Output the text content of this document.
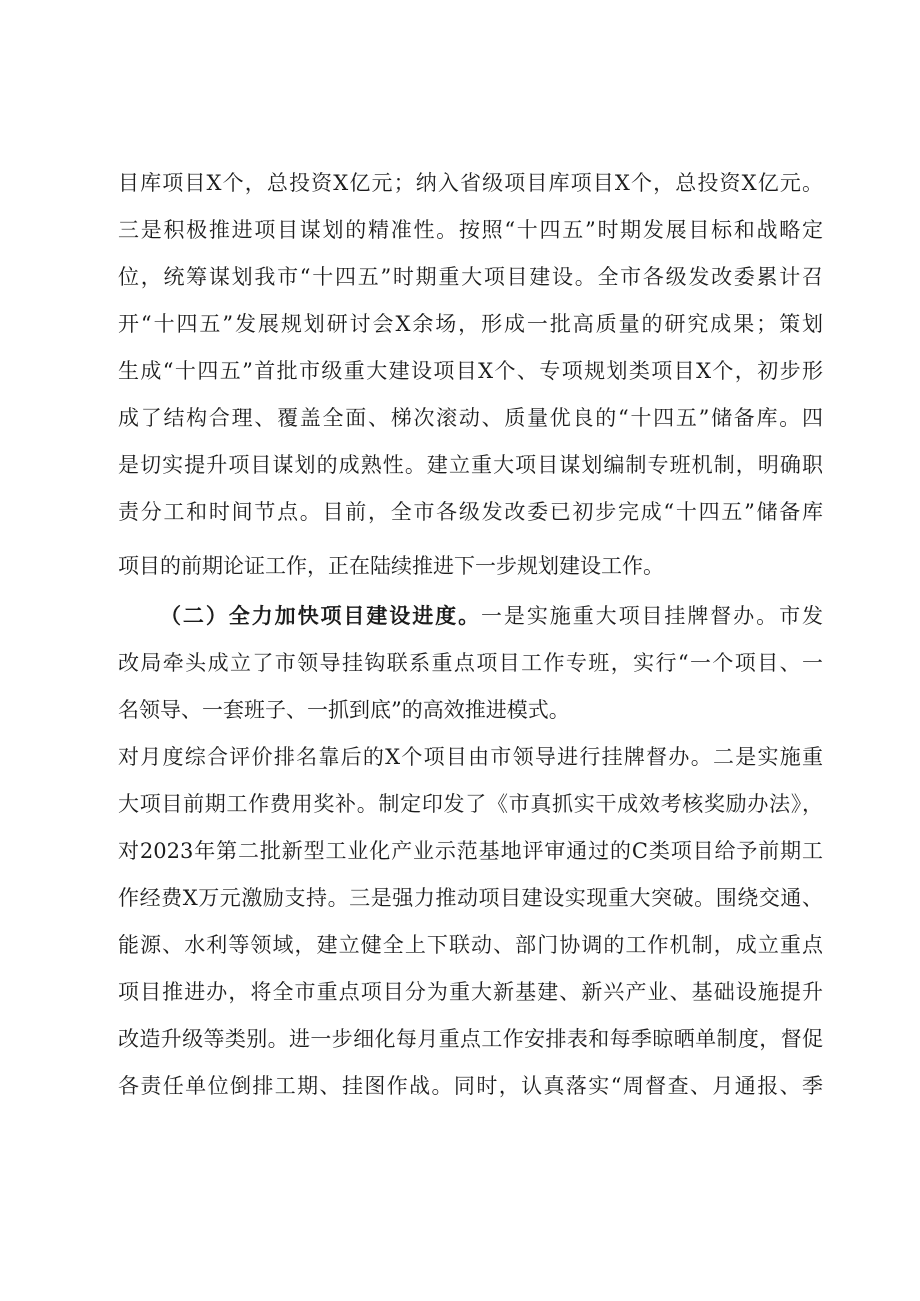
目库项目X个，总投资X亿元；纳入省级项目库项目X个，总投资X亿元。
三是积极推进项目谋划的精准性。按照“十四五”时期发展目标和战略定
位，统筹谋划我市“十四五”时期重大项目建设。全市各级发改委累计召
开“十四五”发展规划研讨会X余场，形成一批高质量的研究成果；策划
生成“十四五”首批市级重大建设项目X个、专项规划类项目X个，初步形
成了结构合理、覆盖全面、梯次滚动、质量优良的“十四五”储备库。四
是切实提升项目谋划的成熟性。建立重大项目谋划编制专班机制，明确职
责分工和时间节点。目前，全市各级发改委已初步完成“十四五”储备库
项目的前期论证工作，正在陆续推进下一步规划建设工作。
（二）全力加快项目建设进度。一是实施重大项目挂牌督办。市发
改局牵头成立了市领导挂钩联系重点项目工作专班，实行“一个项目、一
名领导、一套班子、一抓到底”的高效推进模式。
对月度综合评价排名靠后的X个项目由市领导进行挂牌督办。二是实施重
大项目前期工作费用奖补。制定印发了《市真抓实干成效考核奖励办法》，
对2023年第二批新型工业化产业示范基地评审通过的C类项目给予前期工
作经费X万元激励支持。三是强力推动项目建设实现重大突破。围绕交通、
能源、水利等领域，建立健全上下联动、部门协调的工作机制，成立重点
项目推进办，将全市重点项目分为重大新基建、新兴产业、基础设施提升
改造升级等类别。进一步细化每月重点工作安排表和每季晾晒单制度，督促
各责任单位倒排工期、挂图作战。同时，认真落实“周督查、月通报、季
